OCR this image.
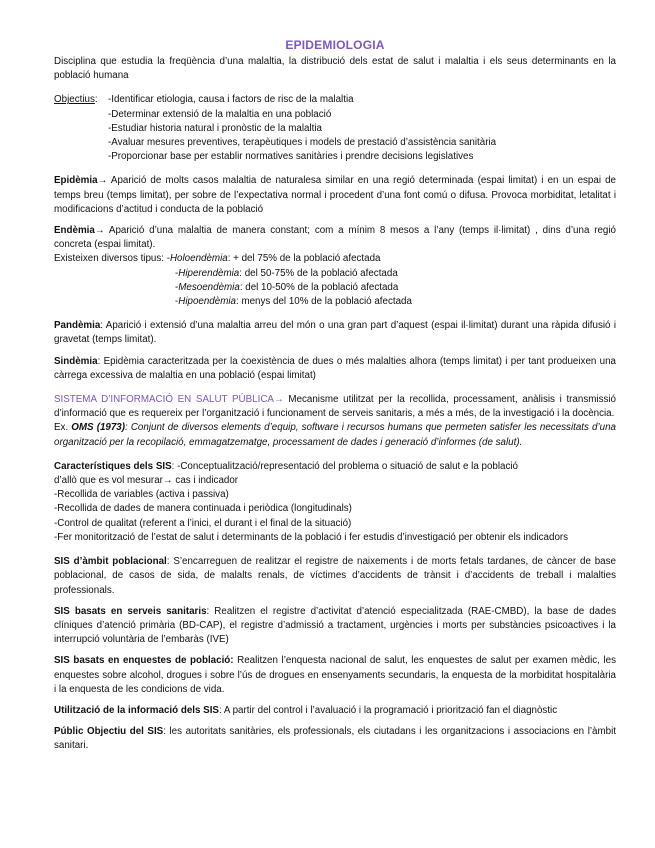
EPIDEMIOLOGIA

Disciplina que estudia la freqüència d’una malaltia, la distribució dels estat de salut i malaltia i els seus determinants en la població humana

Objectius:	-Identificar etiologia, causa i factors de risc de la malaltia
-Determinar extensió de la malaltia en una població
-Estudiar historia natural i pronòstic de la malaltia
-Avaluar mesures preventives, terapèutiques i models de prestació d’assistència sanitària
-Proporcionar base per establir normatives sanitàries i prendre decisions legislatives

Epidèmia→ Aparició de molts casos malaltia de naturalesa similar en una regió determinada (espai limitat) i en un espai de temps breu (temps limitat), per sobre de l’expectativa normal i procedent d’una font comú o difusa. Provoca morbiditat, letalitat i modificacions d’actitud i conducta de la població

Endèmia→ Aparició d’una malaltia de manera constant; com a mínim 8 mesos a l’any (temps il·limitat) , dins d’una regió concreta (espai limitat).

Existeixen diversos tipus: -Holoendèmia: + del 75% de la població afectada
-Hiperendèmia: del 50-75% de la població afectada
-Mesoendèmia: del 10-50% de la població afectada
-Hipoendèmia: menys del 10% de la població afectada

Pandèmia: Aparició i extensió d’una malaltia arreu del món o una gran part d’aquest (espai il·limitat) durant una ràpida difusió i gravetat (temps limitat).

Sindèmia: Epidèmia caracteritzada per la coexistència de dues o més malalties alhora (temps limitat) i per tant produeixen una càrrega excessiva de malaltia en una població (espai limitat)

SISTEMA D’INFORMACIÓ EN SALUT PÚBLICA→ Mecanisme utilitzat per la recollida, processament, anàlisis i transmissió d’informació que es requereix per l’organització i funcionament de serveis sanitaris, a més a més, de la investigació i la docència.

Ex. OMS (1973): Conjunt de diversos elements d’equip, software i recursos humans que permeten satisfer les necessitats d’una organització per la recopilació, emmagatzematge, processament de dades i generació d’informes (de salut).

Característiques dels SIS: -Conceptualització/representació del problema o situació de salut e la població
d’allò que es vol mesurar→ cas i indicador
-Recollida de variables (activa i passiva)
-Recollida de dades de manera continuada i periòdica (longitudinals)
-Control de qualitat (referent a l’inici, el durant i el final de la situació)

-Fer monitorització de l’estat de salut i determinants de la població i fer estudis d’investigació per obtenir els indicadors

SIS d’àmbit poblacional: S’encarreguen de realitzar el registre de naixements i de morts fetals tardanes, de càncer de base poblacional, de casos de sida, de malalts renals, de víctimes d’accidents de trànsit i d’accidents de treball i malalties professionals.

SIS basats en serveis sanitaris: Realitzen el registre d’activitat d’atenció especialitzada (RAE-CMBD), la base de dades clíniques d’atenció primària (BD-CAP), el registre d’admissió a tractament, urgències i morts per substàncies psicoactives i la interrupció voluntària de l’embaràs (IVE)

SIS basats en enquestes de població: Realitzen l’enquesta nacional de salut, les enquestes de salut per examen mèdic, les enquestes sobre alcohol, drogues i sobre l’ús de drogues en ensenyaments secundaris, la enquesta de la morbiditat hospitalària i la enquesta de les condicions de vida.

Utilització de la informació dels SIS: A partir del control i l’avaluació i la programació i priorització fan el diagnòstic

Públic Objectiu del SIS: les autoritats sanitàries, els professionals, els ciutadans i les organitzacions i associacions en l’àmbit sanitari.
